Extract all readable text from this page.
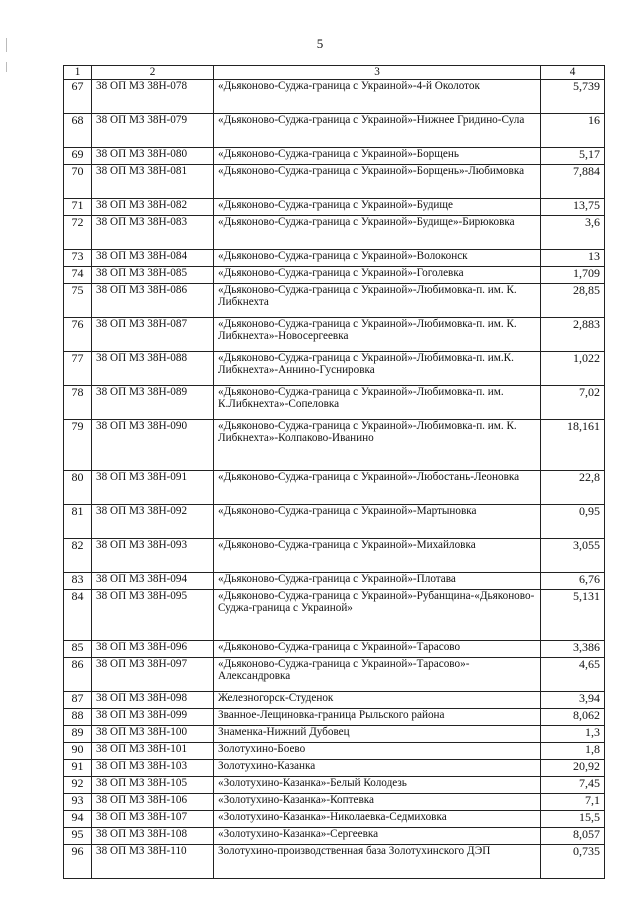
5
1	2	3	4
67	38 ОП МЗ 38Н-078	«Дьяконово-Суджа-граница с Украиной»-4-й Околоток	5,739
68	38 ОП МЗ 38Н-079	«Дьяконово-Суджа-граница с Украиной»-Нижнее Гридино-Сула	16
69	38 ОП МЗ 38Н-080	«Дьяконово-Суджа-граница с Украиной»-Борщень	5,17
70	38 ОП МЗ 38Н-081	«Дьяконово-Суджа-граница с Украиной»-Борщень»-Любимовка	7,884
71	38 ОП МЗ 38Н-082	«Дьяконово-Суджа-граница с Украиной»-Будище	13,75
72	38 ОП МЗ 38Н-083	«Дьяконово-Суджа-граница с Украиной»-Будище»-Бирюковка	3,6
73	38 ОП МЗ 38Н-084	«Дьяконово-Суджа-граница с Украиной»-Волоконск	13
74	38 ОП МЗ 38Н-085	«Дьяконово-Суджа-граница с Украиной»-Гоголевка	1,709
75	38 ОП МЗ 38Н-086	«Дьяконово-Суджа-граница с Украиной»-Любимовка-п. им. К. Либкнехта	28,85
76	38 ОП МЗ 38Н-087	«Дьяконово-Суджа-граница с Украиной»-Любимовка-п. им. К. Либкнехта»-Новосергеевка	2,883
77	38 ОП МЗ 38Н-088	«Дьяконово-Суджа-граница с Украиной»-Любимовка-п. им.К. Либкнехта»-Аннино-Гуснировка	1,022
78	38 ОП МЗ 38Н-089	«Дьяконово-Суджа-граница с Украиной»-Любимовка-п. им. К.Либкнехта»-Сопеловка	7,02
79	38 ОП МЗ 38Н-090	«Дьяконово-Суджа-граница с Украиной»-Любимовка-п. им. К. Либкнехта»-Колпаково-Иванино	18,161
80	38 ОП МЗ 38Н-091	«Дьяконово-Суджа-граница с Украиной»-Любостань-Леоновка	22,8
81	38 ОП МЗ 38Н-092	«Дьяконово-Суджа-граница с Украиной»-Мартыновка	0,95
82	38 ОП МЗ 38Н-093	«Дьяконово-Суджа-граница с Украиной»-Михайловка	3,055
83	38 ОП МЗ 38Н-094	«Дьяконово-Суджа-граница с Украиной»-Плотава	6,76
84	38 ОП МЗ 38Н-095	«Дьяконово-Суджа-граница с Украиной»-Рубанщина-«Дьяконово-Суджа-граница с Украиной»	5,131
85	38 ОП МЗ 38Н-096	«Дьяконово-Суджа-граница с Украиной»-Тарасово	3,386
86	38 ОП МЗ 38Н-097	«Дьяконово-Суджа-граница с Украиной»-Тарасово»-Александровка	4,65
87	38 ОП МЗ 38Н-098	Железногорск-Студенок	3,94
88	38 ОП МЗ 38Н-099	Званное-Лещиновка-граница Рыльского района	8,062
89	38 ОП МЗ 38Н-100	Знаменка-Нижний Дубовец	1,3
90	38 ОП МЗ 38Н-101	Золотухино-Боево	1,8
91	38 ОП МЗ 38Н-103	Золотухино-Казанка	20,92
92	38 ОП МЗ 38Н-105	«Золотухино-Казанка»-Белый Колодезь	7,45
93	38 ОП МЗ 38Н-106	«Золотухино-Казанка»-Коптевка	7,1
94	38 ОП МЗ 38Н-107	«Золотухино-Казанка»-Николаевка-Седмиховка	15,5
95	38 ОП МЗ 38Н-108	«Золотухино-Казанка»-Сергеевка	8,057
96	38 ОП МЗ 38Н-110	Золотухино-производственная база Золотухинского ДЭП	0,735
